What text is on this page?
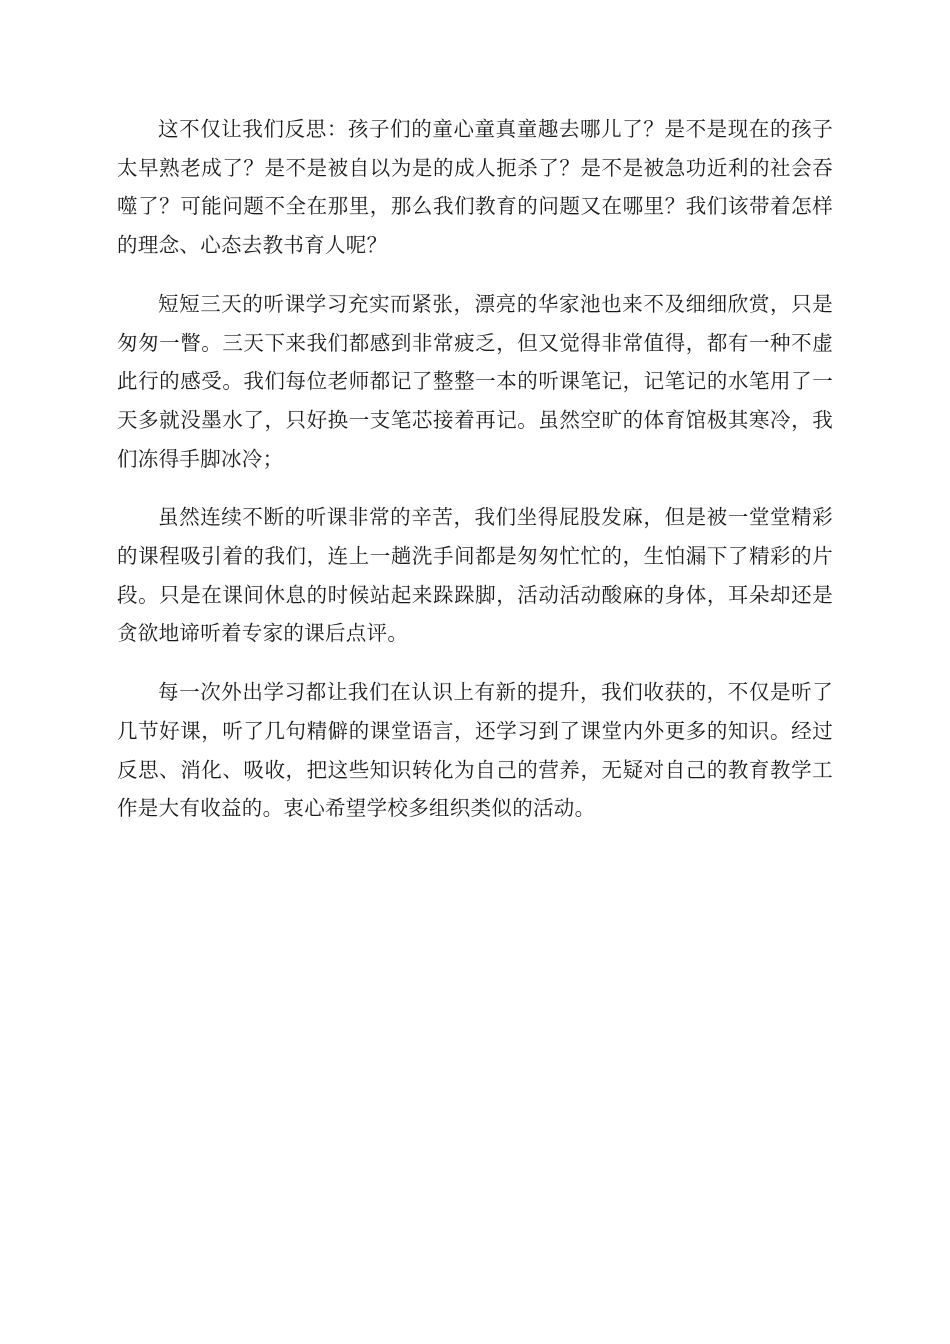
这不仅让我们反思：孩子们的童心童真童趣去哪儿了？是不是现在的孩子太早熟老成了？是不是被自以为是的成人扼杀了？是不是被急功近利的社会吞噬了？可能问题不全在那里，那么我们教育的问题又在哪里？我们该带着怎样的理念、心态去教书育人呢？

短短三天的听课学习充实而紧张，漂亮的华家池也来不及细细欣赏，只是匆匆一瞥。三天下来我们都感到非常疲乏，但又觉得非常值得，都有一种不虚此行的感受。我们每位老师都记了整整一本的听课笔记，记笔记的水笔用了一天多就没墨水了，只好换一支笔芯接着再记。虽然空旷的体育馆极其寒冷，我们冻得手脚冰冷；

虽然连续不断的听课非常的辛苦，我们坐得屁股发麻，但是被一堂堂精彩的课程吸引着的我们，连上一趟洗手间都是匆匆忙忙的，生怕漏下了精彩的片段。只是在课间休息的时候站起来跺跺脚，活动活动酸麻的身体，耳朵却还是贪欲地谛听着专家的课后点评。

每一次外出学习都让我们在认识上有新的提升，我们收获的，不仅是听了几节好课，听了几句精僻的课堂语言，还学习到了课堂内外更多的知识。经过反思、消化、吸收，把这些知识转化为自己的营养，无疑对自己的教育教学工作是大有收益的。衷心希望学校多组织类似的活动。
